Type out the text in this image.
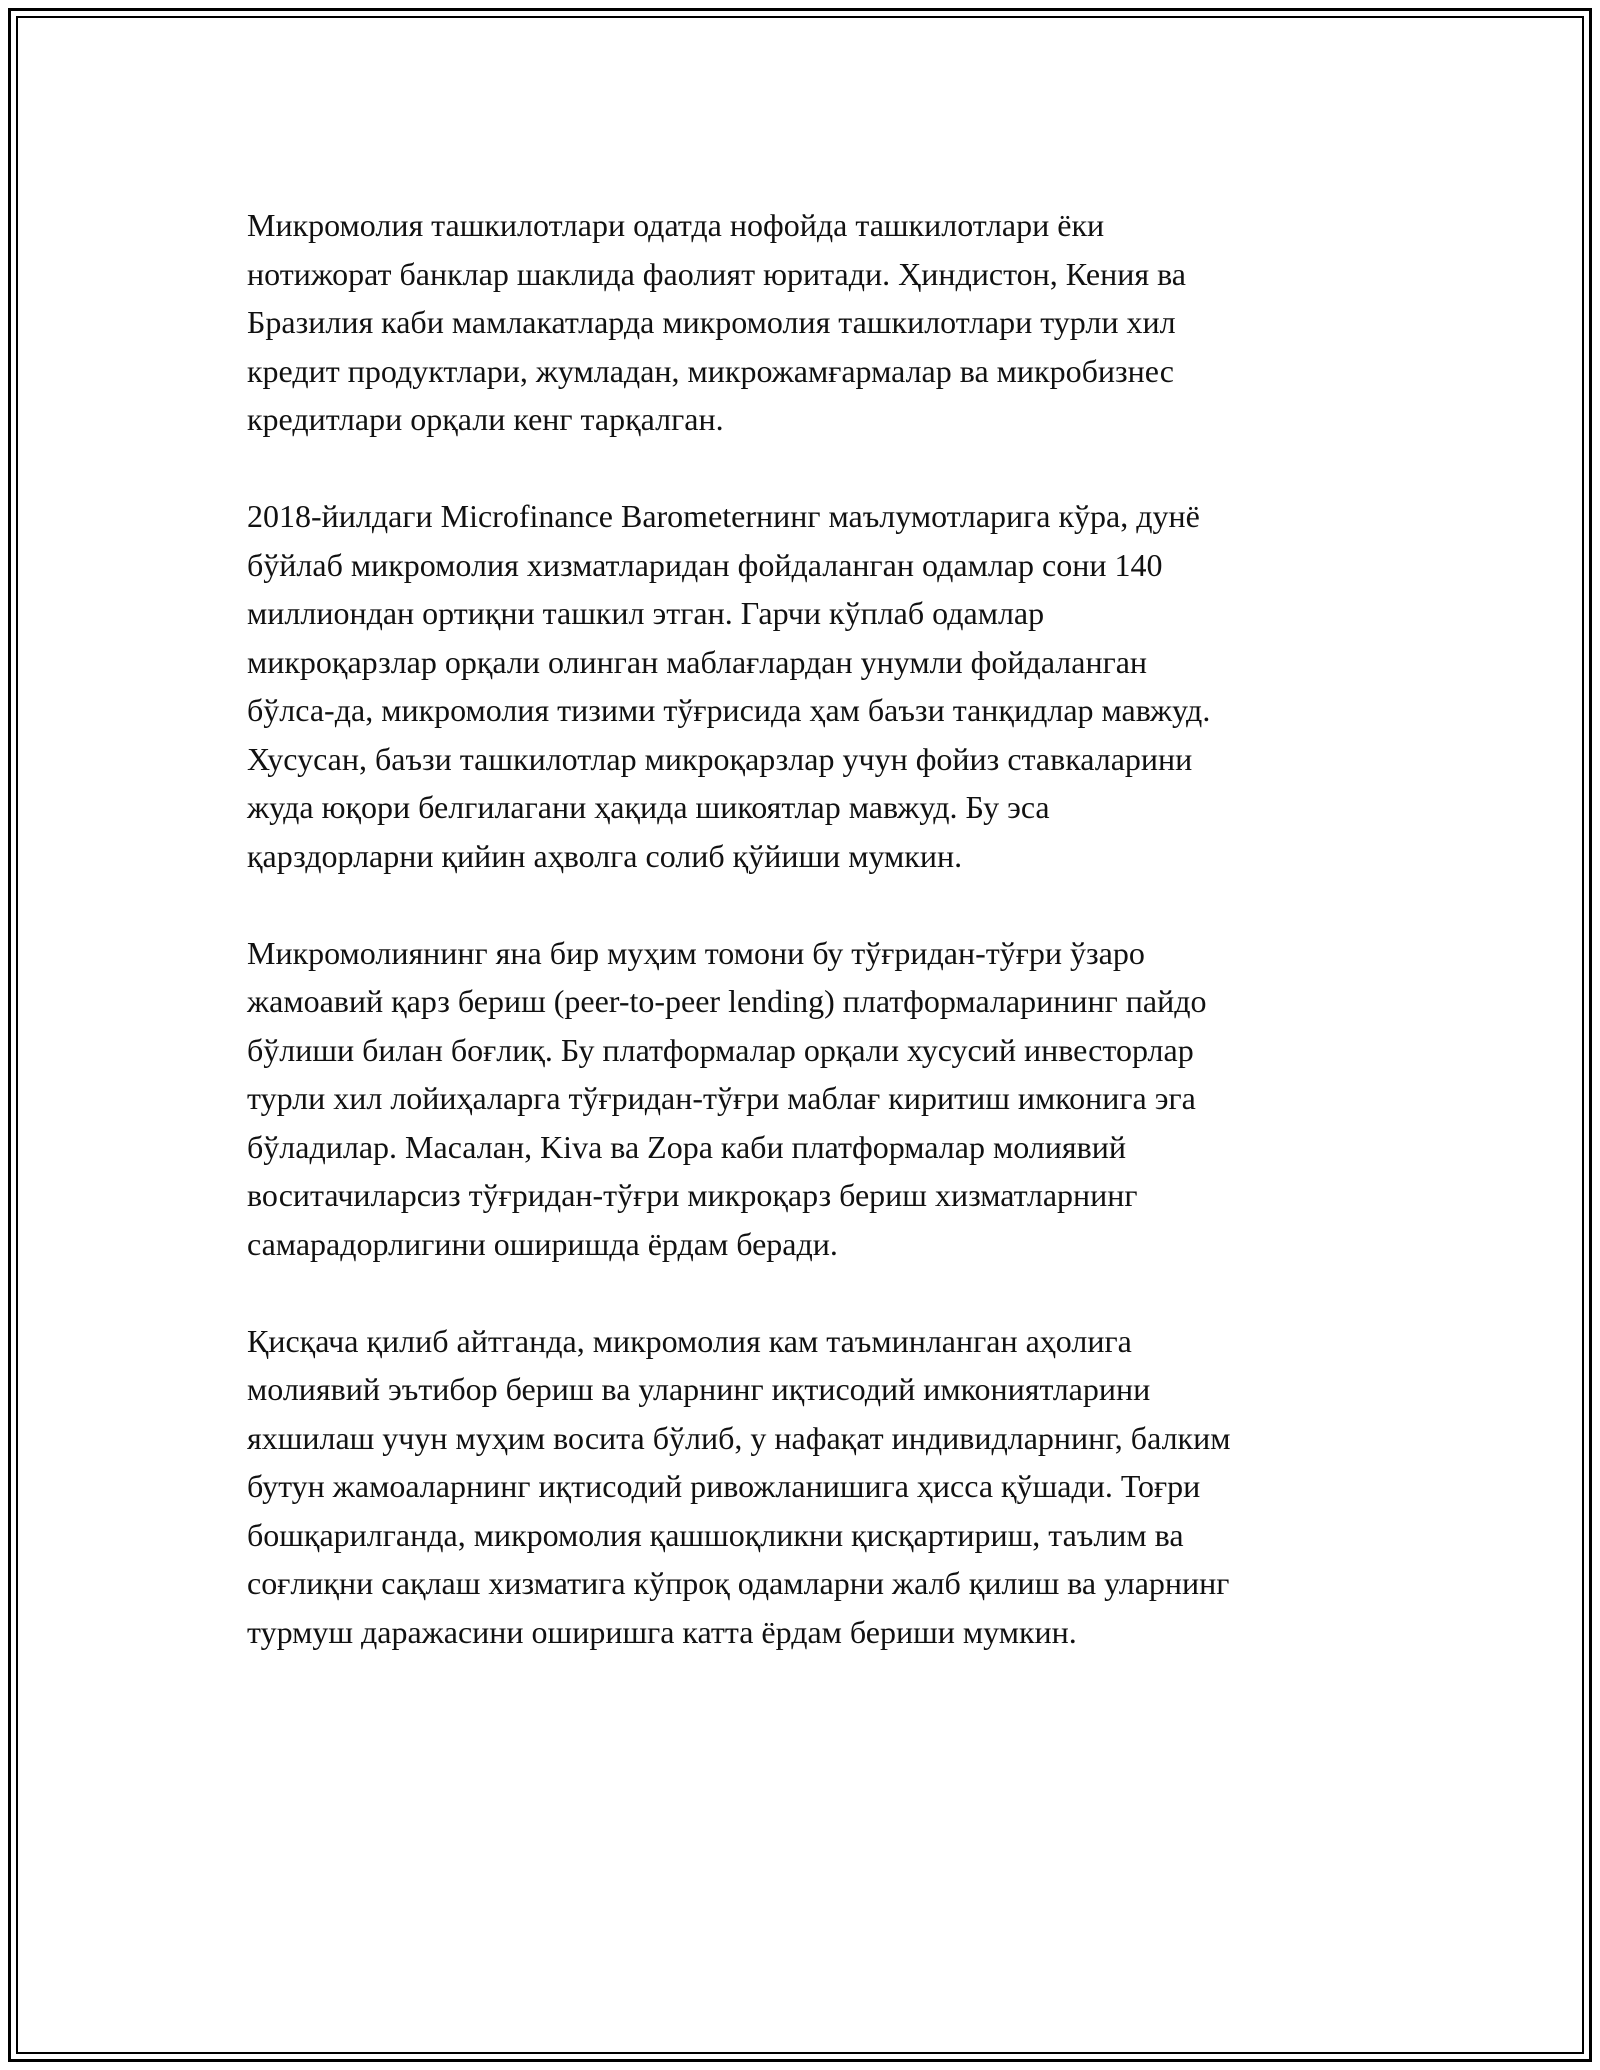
Микромолия ташкилотлари одатда нофойда ташкилотлари ёки
нотижорат банклар шаклида фаолият юритади. Ҳиндистон, Кения ва
Бразилия каби мамлакатларда микромолия ташкилотлари турли хил
кредит продуктлари, жумладан, микрожамғармалар ва микробизнес
кредитлари орқали кенг тарқалган.

2018-йилдаги Microfinance Barometerнинг маълумотларига кўра, дунё
бўйлаб микромолия хизматларидан фойдаланган одамлар сони 140
миллиондан ортиқни ташкил этган. Гарчи кўплаб одамлар
микроқарзлар орқали олинган маблағлардан унумли фойдаланган
бўлса-да, микромолия тизими тўғрисида ҳам баъзи танқидлар мавжуд.
Хусусан, баъзи ташкилотлар микроқарзлар учун фойиз ставкаларини
жуда юқори белгилагани ҳақида шикоятлар мавжуд. Бу эса
қарздорларни қийин аҳволга солиб қўйиши мумкин.

Микромолиянинг яна бир муҳим томони бу тўғридан-тўғри ўзаро
жамоавий қарз бериш (peer-to-peer lending) платформаларининг пайдо
бўлиши билан боғлиқ. Бу платформалар орқали хусусий инвесторлар
турли хил лойиҳаларга тўғридан-тўғри маблағ киритиш имконига эга
бўладилар. Масалан, Kiva ва Zopa каби платформалар молиявий
воситачиларсиз тўғридан-тўғри микроқарз бериш хизматларнинг
самарадорлигини оширишда ёрдам беради.

Қисқача қилиб айтганда, микромолия кам таъминланган аҳолига
молиявий эътибор бериш ва уларнинг иқтисодий имкониятларини
яхшилаш учун муҳим восита бўлиб, у нафақат индивидларнинг, балким
бутун жамоаларнинг иқтисодий ривожланишига ҳисса қўшади. Тоғри
бошқарилганда, микромолия қашшоқликни қисқартириш, таълим ва
соғлиқни сақлаш хизматига кўпроқ одамларни жалб қилиш ва уларнинг
турмуш даражасини оширишга катта ёрдам бериши мумкин.
